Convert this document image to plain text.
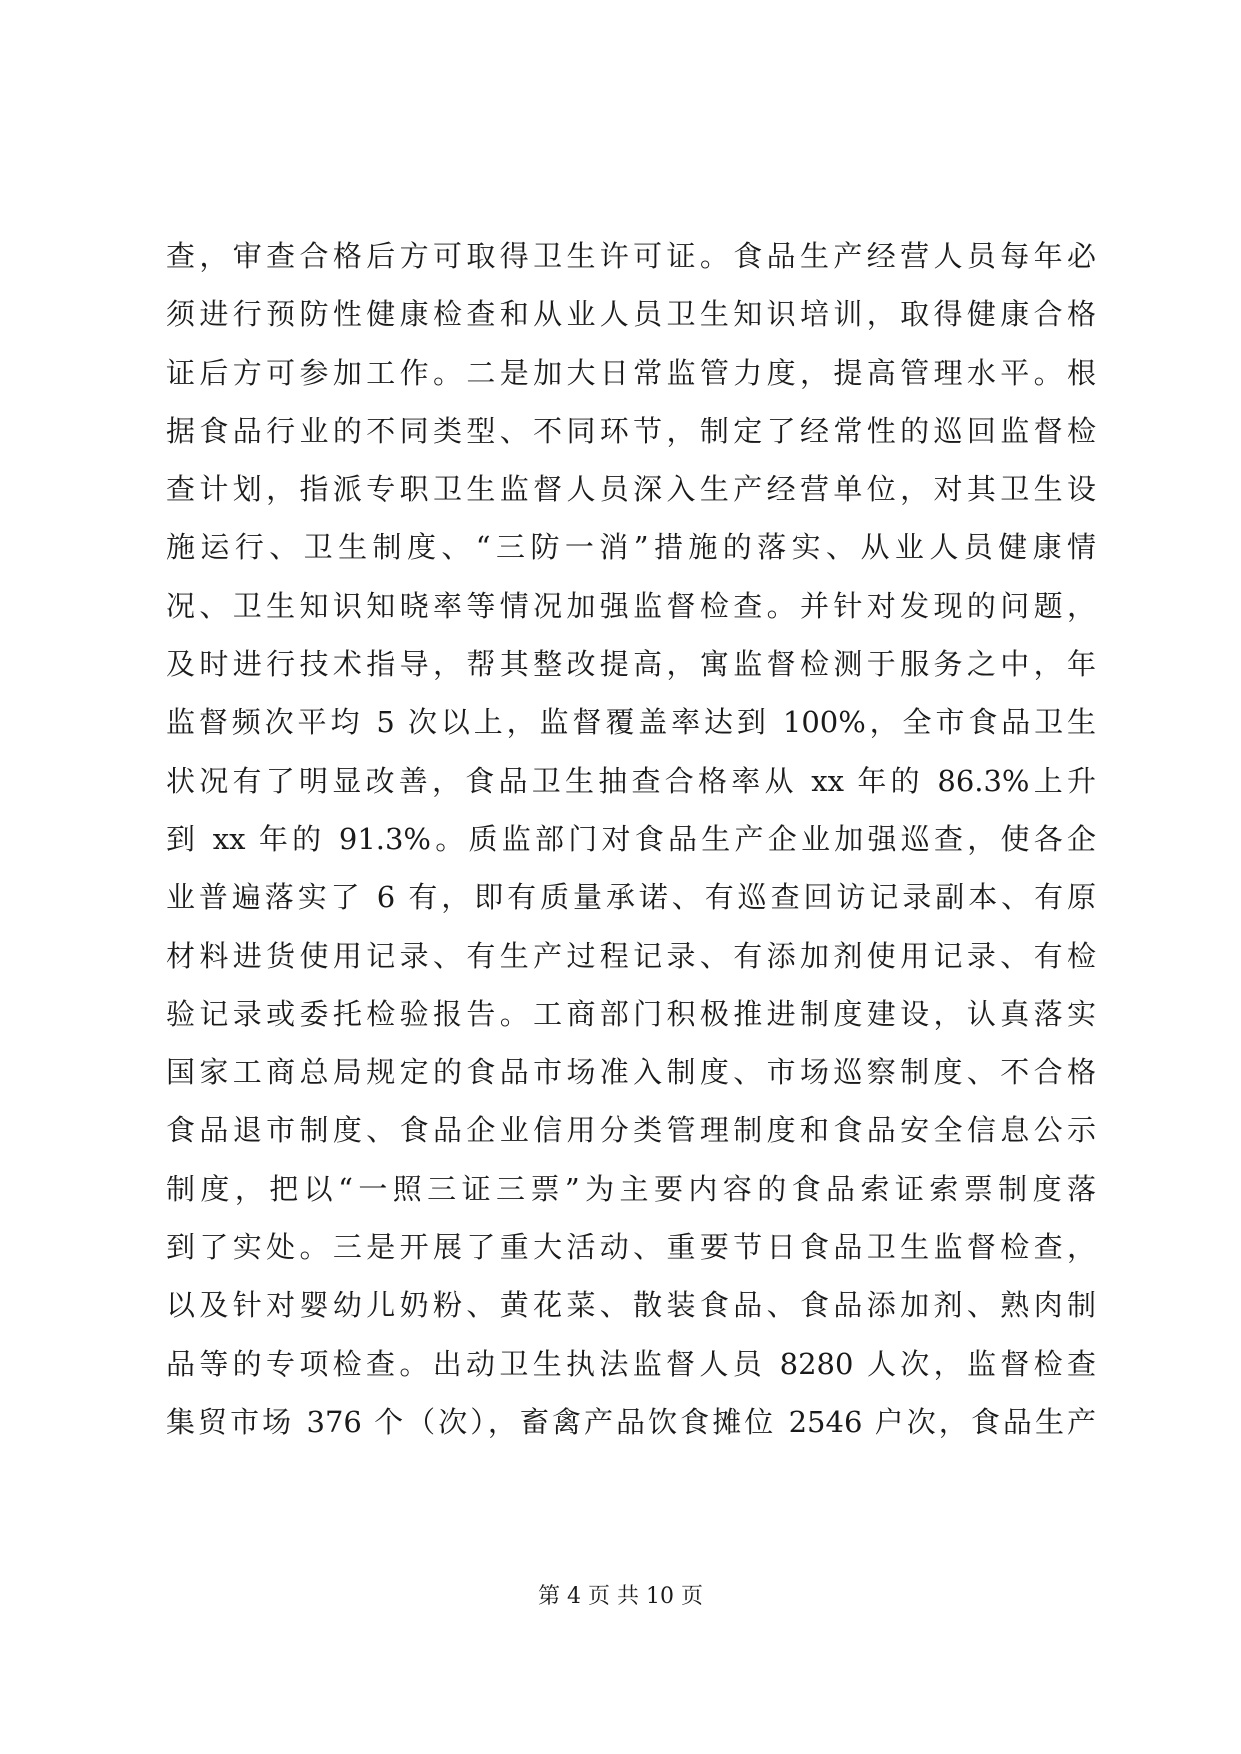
查，审查合格后方可取得卫生许可证。食品生产经营人员每年必
须进行预防性健康检查和从业人员卫生知识培训，取得健康合格
证后方可参加工作。二是加大日常监管力度，提高管理水平。根
据食品行业的不同类型、不同环节，制定了经常性的巡回监督检
查计划，指派专职卫生监督人员深入生产经营单位，对其卫生设
施运行、卫生制度、“三防一消”措施的落实、从业人员健康情
况、卫生知识知晓率等情况加强监督检查。并针对发现的问题，
及时进行技术指导，帮其整改提高，寓监督检测于服务之中，年
监督频次平均 5 次以上，监督覆盖率达到 100%，全市食品卫生
状况有了明显改善，食品卫生抽查合格率从 xx 年的 86.3%上升
到 xx 年的 91.3%。质监部门对食品生产企业加强巡查，使各企
业普遍落实了 6 有，即有质量承诺、有巡查回访记录副本、有原
材料进货使用记录、有生产过程记录、有添加剂使用记录、有检
验记录或委托检验报告。工商部门积极推进制度建设，认真落实
国家工商总局规定的食品市场准入制度、市场巡察制度、不合格
食品退市制度、食品企业信用分类管理制度和食品安全信息公示
制度，把以“一照三证三票”为主要内容的食品索证索票制度落
到了实处。三是开展了重大活动、重要节日食品卫生监督检查，
以及针对婴幼儿奶粉、黄花菜、散装食品、食品添加剂、熟肉制
品等的专项检查。出动卫生执法监督人员 8280 人次，监督检查
集贸市场 376 个（次），畜禽产品饮食摊位 2546 户次，食品生产
第 4 页 共 10 页
